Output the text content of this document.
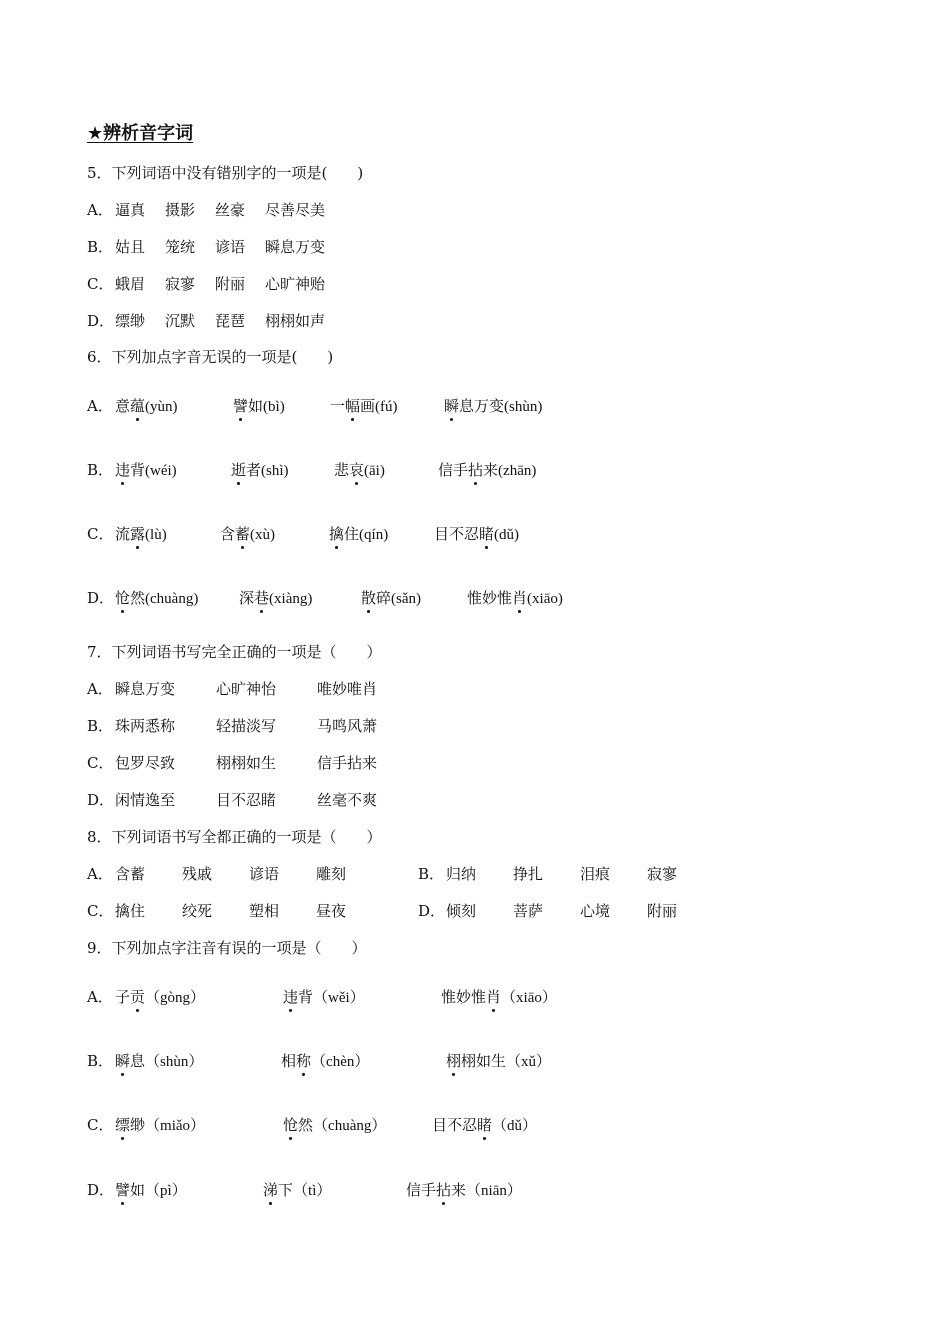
★辨析音字词
5．下列词语中没有错别字的一项是(　　)
A． 逼真 摄影 丝豪 尽善尽美
B． 姑且 笼统 谚语 瞬息万变
C． 蛾眉 寂寥 附丽 心旷神贻
D．缥缈 沉默 琵琶 栩栩如声
6．下列加点字音无误的一项是(　　)
A． 意蕴(yùn)	譬如(bì)	一幅画(fú)	瞬息万变(shùn)
B． 违背(wéi)	逝者(shì)	悲哀(āi)	信手拈来(zhān)
C． 流露(lù)	含蓄(xù)	擒住(qín)	目不忍睹(dǔ)
D． 怆然(chuàng)	深巷(xiàng)	散碎(sǎn)	惟妙惟肖(xiāo)
7．下列词语书写完全正确的一项是（　　）
A． 瞬息万变	心旷神怡	唯妙唯肖
B． 珠两悉称	轻描淡写	马鸣风萧
C． 包罗尽致	栩栩如生	信手拈来
D．闲情逸至	目不忍睹	丝毫不爽
8．下列词语书写全都正确的一项是（　　）
A． 含蓄 残戚 谚语 雕刻	B． 归纳 挣扎 泪痕 寂寥
C． 擒住 绞死 塑相 昼夜	D．倾刻 菩萨 心境 附丽
9．下列加点字注音有误的一项是（　　）
A． 子贡（gòng）	违背（wěi）	惟妙惟肖（xiāo）
B． 瞬息（shùn）	相称（chèn）	栩栩如生（xǔ）
C． 缥缈（miǎo）	怆然（chuàng）	目不忍睹（dǔ）
D． 譬如（pì）	涕下（tì）	信手拈来（niān）
